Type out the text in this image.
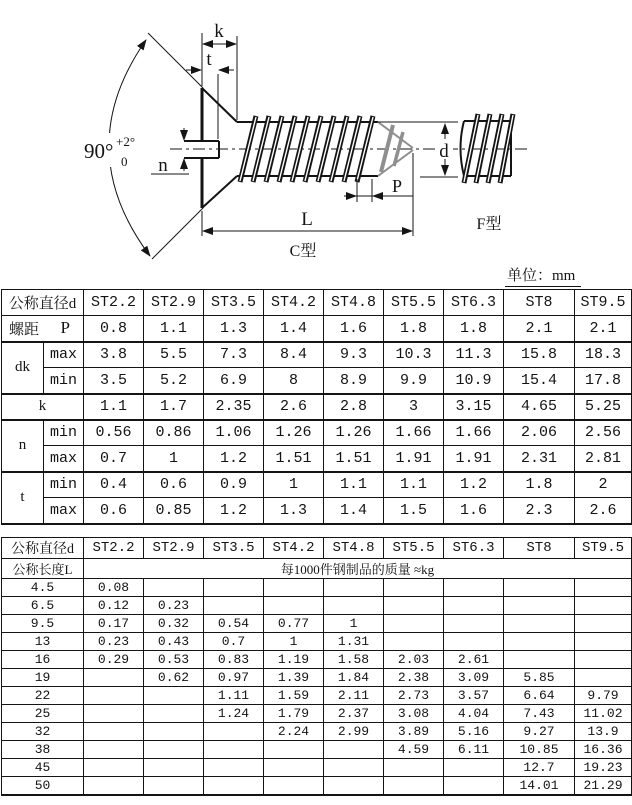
k
t
n
90° +2°
0	d
P
L
C型
F型
单位：mm
公称直径d		ST2.2	ST2.9	ST3.5	ST4.2	ST4.8	ST5.5	ST6.3	ST8	ST9.5

螺距 P		0.8	1.1	1.3	1.4	1.6	1.8	1.8	2.1	2.1
dk	max	3.8	5.5	7.3	8.4	9.3	10.3	11.3	15.8	18.3
	min	3.5	5.2	6.9	8	8.9	9.9	10.9	15.4	17.8
k		1.1	1.7	2.35	2.6	2.8	3	3.15	4.65	5.25
n	min	0.56	0.86	1.06	1.26	1.26	1.66	1.66	2.06	2.56
	max	0.7	1	1.2	1.51	1.51	1.91	1.91	2.31	2.81
t	min	0.4	0.6	0.9	1	1.1	1.1	1.2	1.8	2
	max	0.6	0.85	1.2	1.3	1.4	1.5	1.6	2.3	2.6
公称直径d	ST2.2	ST2.9	ST3.5	ST4.2	ST4.8	ST5.5	ST6.3	ST8	ST9.5
公称长度L	每1000件钢制品的质量 ≈kg								
4.5	0.08								
6.5	0.12	0.23							
9.5	0.17	0.32	0.54	0.77	1				
13	0.23	0.43	0.7	1	1.31				
16	0.29	0.53	0.83	1.19	1.58	2.03	2.61		
19		0.62	0.97	1.39	1.84	2.38	3.09	5.85	
22			1.11	1.59	2.11	2.73	3.57	6.64	9.79
25			1.24	1.79	2.37	3.08	4.04	7.43	11.02
32				2.24	2.99	3.89	5.16	9.27	13.9
38						4.59	6.11	10.85	16.36
45								12.7	19.23
50								14.01	21.29
